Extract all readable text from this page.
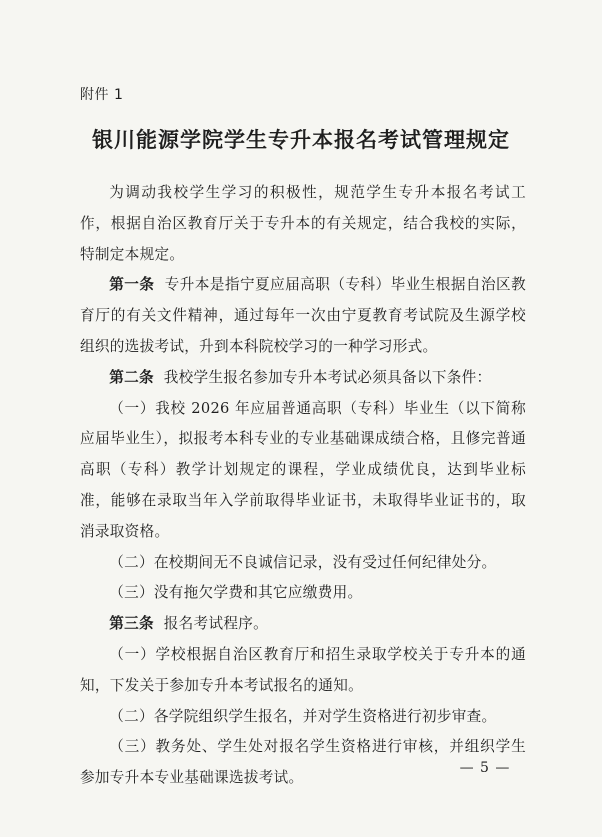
附件 1
银川能源学院学生专升本报名考试管理规定

为调动我校学生学习的积极性，规范学生专升本报名考试工作，根据自治区教育厅关于专升本的有关规定，结合我校的实际，特制定本规定。

第一条 专升本是指宁夏应届高职（专科）毕业生根据自治区教育厅的有关文件精神，通过每年一次由宁夏教育考试院及生源学校组织的选拔考试，升到本科院校学习的一种学习形式。

第二条 我校学生报名参加专升本考试必须具备以下条件：

（一）我校 2026 年应届普通高职（专科）毕业生（以下简称应届毕业生），拟报考本科专业的专业基础课成绩合格，且修完普通高职（专科）教学计划规定的课程，学业成绩优良，达到毕业标准，能够在录取当年入学前取得毕业证书，未取得毕业证书的，取消录取资格。

（二）在校期间无不良诚信记录，没有受过任何纪律处分。

（三）没有拖欠学费和其它应缴费用。

第三条 报名考试程序。

（一）学校根据自治区教育厅和招生录取学校关于专升本的通知，下发关于参加专升本考试报名的通知。

（二）各学院组织学生报名，并对学生资格进行初步审查。

（三）教务处、学生处对报名学生资格进行审核，并组织学生参加专升本专业基础课选拔考试。

— 5 —
